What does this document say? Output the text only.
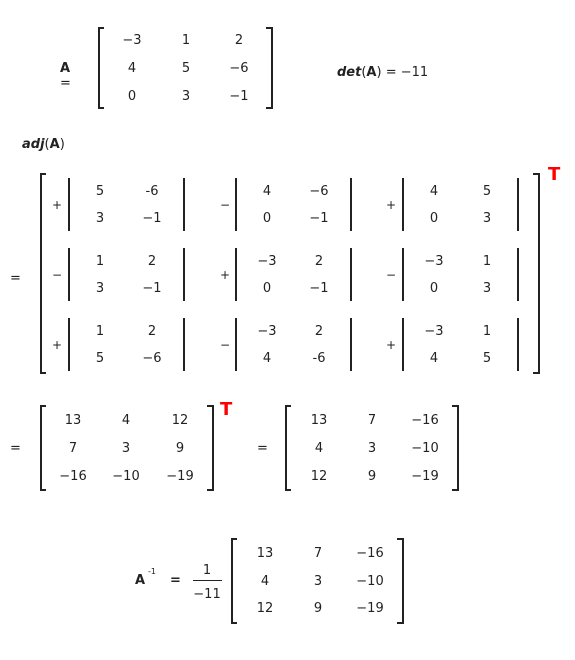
A =
−3	1	2
4	5	−6
0	3	−1
det(A) = −11
adj(A)
=
T
+
5	-6
3	−1
−
4	−6
0	−1
+
4	5
0	3
−
1	2
3	−1
+
−3	2
0	−1
−
−3	1
0	3
+
1	2
5	−6
−
−3	2
4	-6
+
−3	1
4	5
=
T
13	4	12
7	3	9
−16	−10	−19
=
13	7	−16
4	3	−10
12	9	−19
A
-1
=
1
−11
13	7	−16
4	3	−10
12	9	−19
